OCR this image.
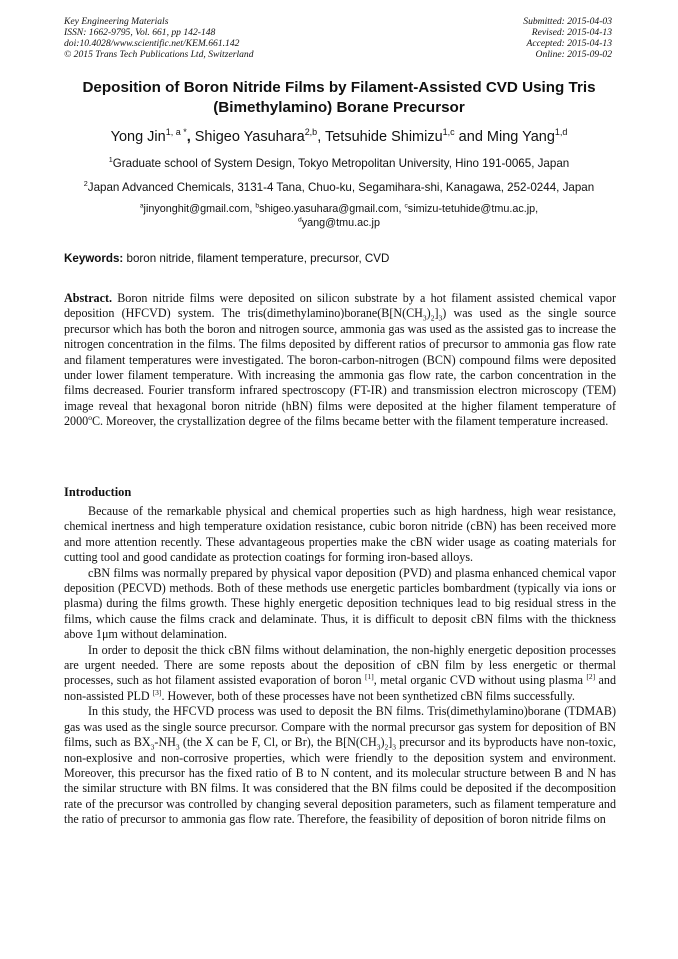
Key Engineering Materials
ISSN: 1662-9795, Vol. 661, pp 142-148
doi:10.4028/www.scientific.net/KEM.661.142
© 2015 Trans Tech Publications Ltd, Switzerland
Submitted: 2015-04-03
Revised: 2015-04-13
Accepted: 2015-04-13
Online: 2015-09-02
Deposition of Boron Nitride Films by Filament-Assisted CVD Using Tris
(Bimethylamino) Borane Precursor
Yong Jin$^{1, a *}$, Shigeo Yasuhara$^{2,b}$, Tetsuhide Shimizu$^{1,c}$ and Ming Yang$^{1,d}$
$^1$Graduate school of System Design, Tokyo Metropolitan University, Hino 191-0065, Japan
$^2$Japan Advanced Chemicals, 3131-4 Tana, Chuo-ku, Segamihara-shi, Kanagawa, 252-0244, Japan
$^a$jinyonghit@gmail.com, $^b$shigeo.yasuhara@gmail.com, $^c$simizu-tetuhide@tmu.ac.jp,
$^d$yang@tmu.ac.jp
Keywords: boron nitride, filament temperature, precursor, CVD
Abstract. Boron nitride films were deposited on silicon substrate by a hot filament assisted chemical vapor deposition (HFCVD) system. The $tris(dimethylamino)borane(B[N(CH_3)_2]_3)$ was used as the single source precursor which has both the boron and nitrogen source, ammonia gas was used as the assisted gas to increase the nitrogen concentration in the films. The films deposited by different ratios of precursor to ammonia gas flow rate and filament temperatures were investigated. The boron-carbon-nitrogen (BCN) compound films were deposited under lower filament temperature. With increasing the ammonia gas flow rate, the carbon concentration in the films decreased. Fourier transform infrared spectroscopy (FT-IR) and transmission electron microscopy (TEM) image reveal that hexagonal boron nitride (hBN) films were deposited at the higher filament temperature of 2000$^o$C. Moreover, the crystallization degree of the films became better with the filament temperature increased.
Introduction

Because of the remarkable physical and chemical properties such as high hardness, high wear resistance, chemical inertness and high temperature oxidation resistance, cubic boron nitride (cBN) has been received more and more attention recently. These advantageous properties make the cBN wider usage as coating materials for cutting tool and good candidate as protection coatings for forming iron-based alloys.

cBN films was normally prepared by physical vapor deposition (PVD) and plasma enhanced chemical vapor deposition (PECVD) methods. Both of these methods use energetic particles bombardment (typically via ions or plasma) during the films growth. These highly energetic deposition techniques lead to big residual stress in the films, which cause the films crack and delaminate. Thus, it is difficult to deposit cBN films with the thickness above 1μm without delamination.

In order to deposit the thick cBN films without delamination, the non-highly energetic deposition processes are urgent needed. There are some reposts about the deposition of cBN film by less energetic or thermal processes, such as hot filament assisted evaporation of boron [1], metal organic CVD without using plasma [2] and non-assisted PLD [3]. However, both of these processes have not been synthetized cBN films successfully.

In this study, the HFCVD process was used to deposit the BN films. Tris(dimethylamino)borane (TDMAB) gas was used as the single source precursor. Compare with the normal precursor gas system for deposition of BN films, such as $BX_3-NH_3$ (the X can be F, Cl, or Br), the $B[N(CH_3)_2]_3$ precursor and its byproducts have non-toxic, non-explosive and non-corrosive properties, which were friendly to the deposition system and environment. Moreover, this precursor has the fixed ratio of B to N content, and its molecular structure between B and N has the similar structure with BN films. It was considered that the BN films could be deposited if the decomposition rate of the precursor was controlled by changing several deposition parameters, such as filament temperature and the ratio of precursor to ammonia gas flow rate. Therefore, the feasibility of deposition of boron nitride films on
